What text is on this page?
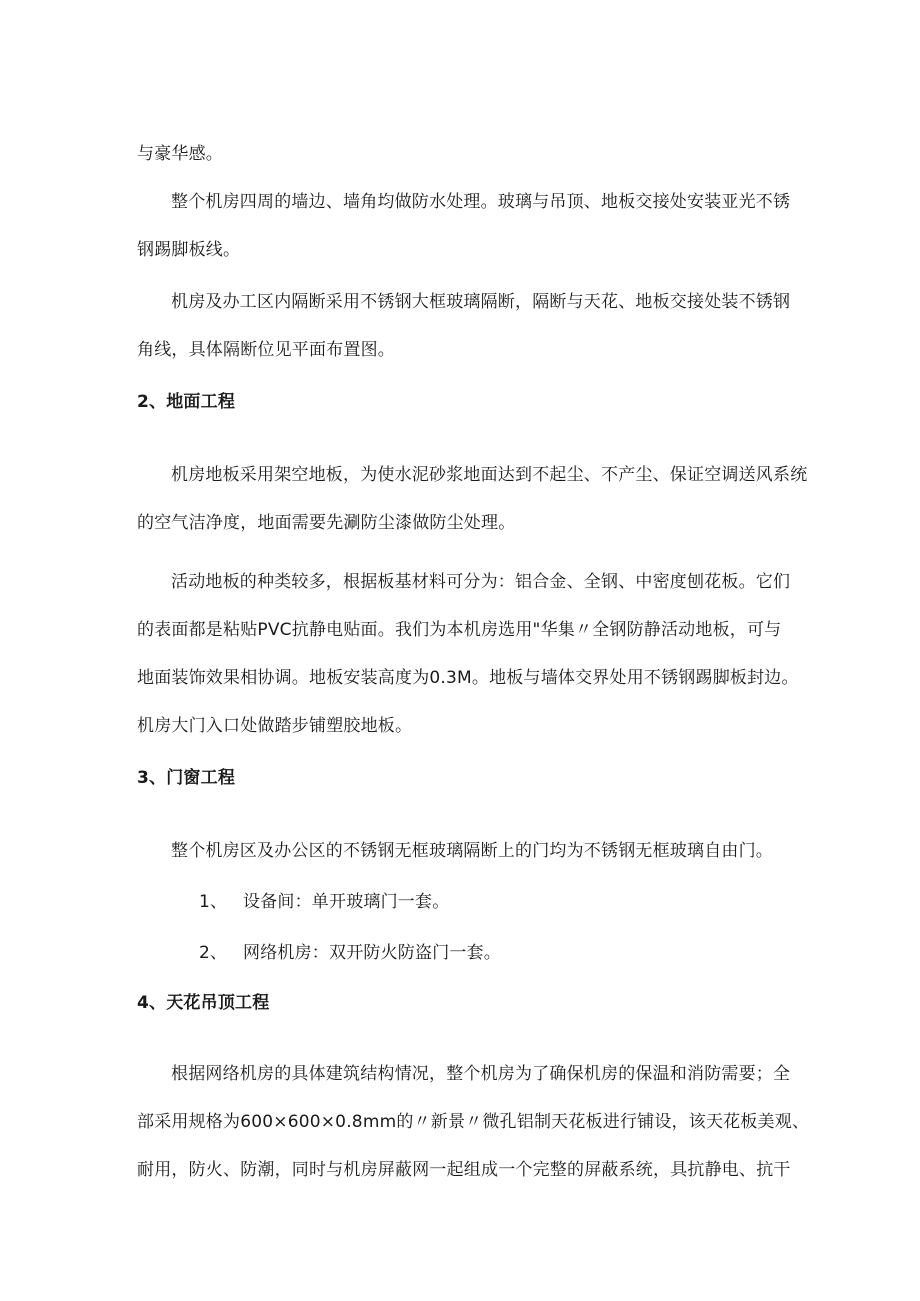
与豪华感。
整个机房四周的墙边、墙角均做防水处理。玻璃与吊顶、地板交接处安装亚光不锈
钢踢脚板线。
机房及办工区内隔断采用不锈钢大框玻璃隔断，隔断与天花、地板交接处装不锈钢
角线，具体隔断位见平面布置图。
2、地面工程
机房地板采用架空地板，为使水泥砂浆地面达到不起尘、不产尘、保证空调送风系统
的空气洁净度，地面需要先涮防尘漆做防尘处理。
活动地板的种类较多，根据板基材料可分为：铝合金、全钢、中密度刨花板。它们
的表面都是粘贴PVC抗静电贴面。我们为本机房选用"华集〃全钢防静活动地板，可与
地面装饰效果相协调。地板安装高度为0.3M。地板与墙体交界处用不锈钢踢脚板封边。
机房大门入口处做踏步铺塑胶地板。
3、门窗工程
整个机房区及办公区的不锈钢无框玻璃隔断上的门均为不锈钢无框玻璃自由门。
1、 设备间：单开玻璃门一套。
2、 网络机房：双开防火防盗门一套。
4、天花吊顶工程
根据网络机房的具体建筑结构情况，整个机房为了确保机房的保温和消防需要；全
部采用规格为600×600×0.8mm的〃新景〃微孔铝制天花板进行铺设，该天花板美观、
耐用，防火、防潮，同时与机房屏蔽网一起组成一个完整的屏蔽系统，具抗静电、抗干
